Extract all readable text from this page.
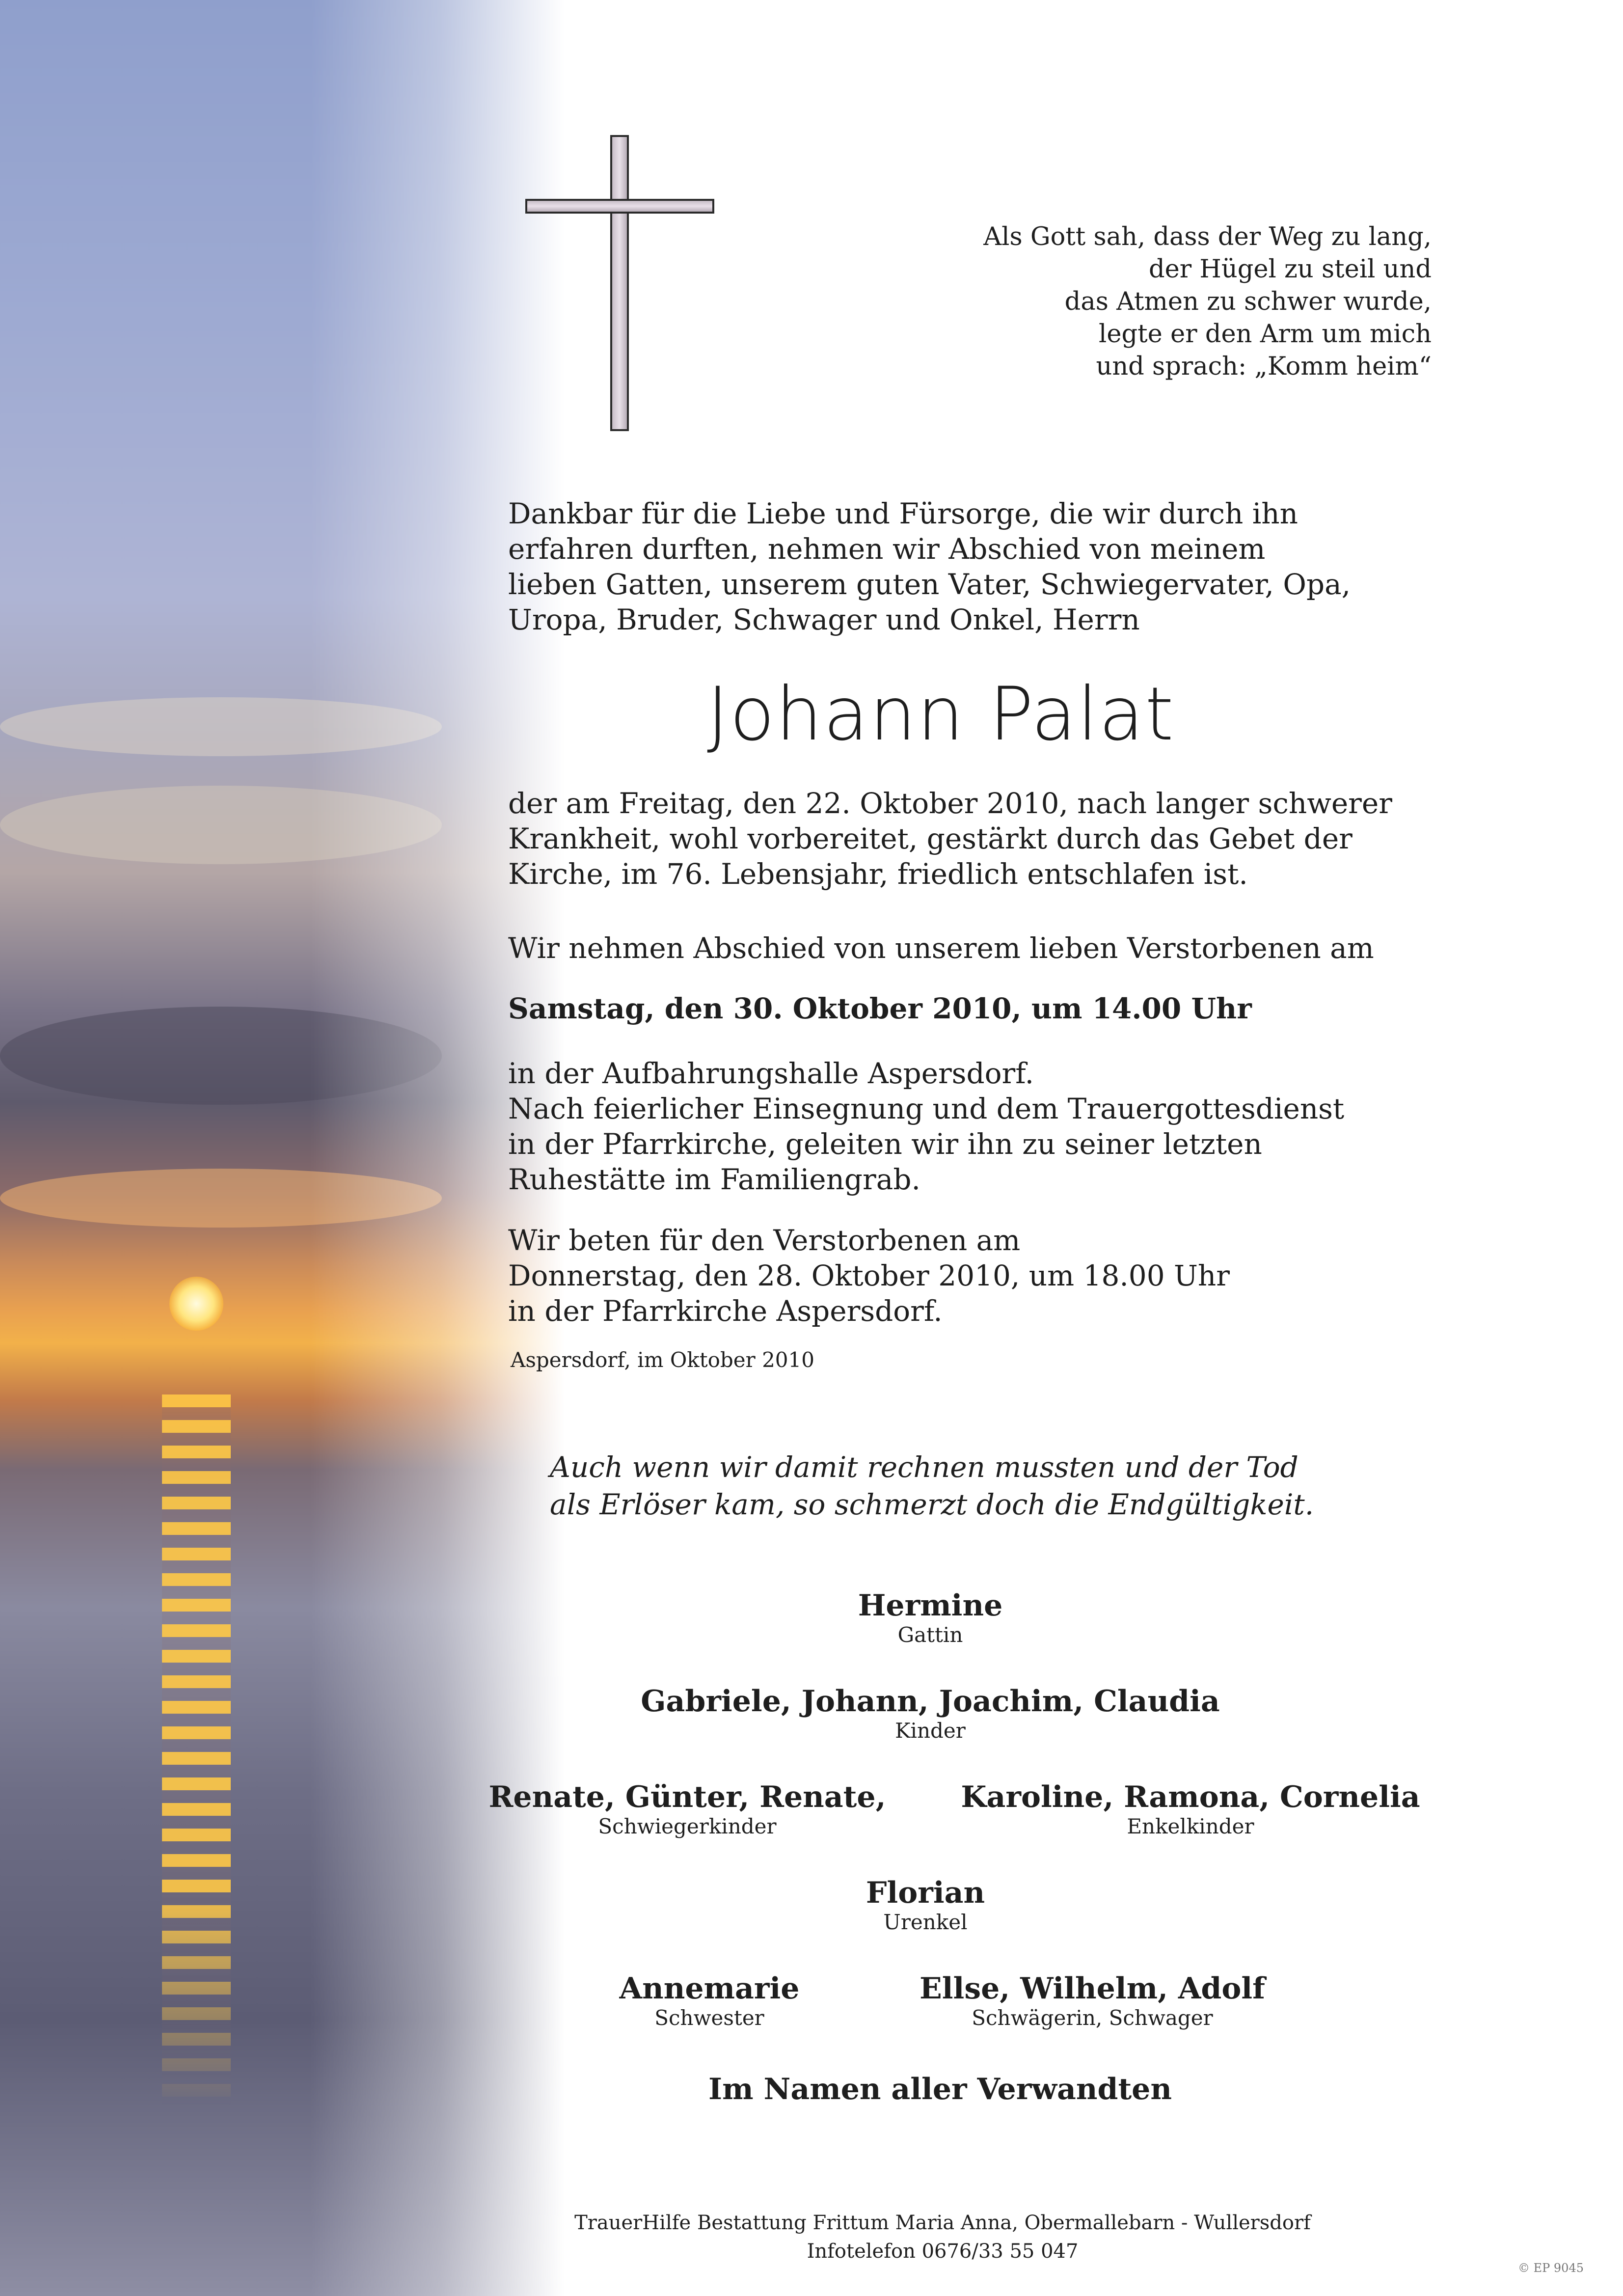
Als Gott sah, dass der Weg zu lang,
der Hügel zu steil und
das Atmen zu schwer wurde,
legte er den Arm um mich
und sprach: „Komm heim“
Dankbar für die Liebe und Fürsorge, die wir durch ihn
erfahren durften, nehmen wir Abschied von meinem
lieben Gatten, unserem guten Vater, Schwiegervater, Opa,
Uropa, Bruder, Schwager und Onkel, Herrn
Johann Palat
der am Freitag, den 22. Oktober 2010, nach langer schwerer
Krankheit, wohl vorbereitet, gestärkt durch das Gebet der
Kirche, im 76. Lebensjahr, friedlich entschlafen ist.
Wir nehmen Abschied von unserem lieben Verstorbenen am
Samstag, den 30. Oktober 2010, um 14.00 Uhr
in der Aufbahrungshalle Aspersdorf.
Nach feierlicher Einsegnung und dem Trauergottesdienst
in der Pfarrkirche, geleiten wir ihn zu seiner letzten
Ruhestätte im Familiengrab.
Wir beten für den Verstorbenen am
Donnerstag, den 28. Oktober 2010, um 18.00 Uhr
in der Pfarrkirche Aspersdorf.
Aspersdorf, im Oktober 2010
Auch wenn wir damit rechnen mussten und der Tod
als Erlöser kam, so schmerzt doch die Endgültigkeit.
Hermine
Gattin
Gabriele, Johann, Joachim, Claudia
Kinder
Renate, Günter, Renate,
Schwiegerkinder
Karoline, Ramona, Cornelia
Enkelkinder
Florian
Urenkel
Annemarie
Schwester
Ellse, Wilhelm, Adolf
Schwägerin, Schwager
Im Namen aller Verwandten
TrauerHilfe Bestattung Frittum Maria Anna, Obermallebarn - Wullersdorf
Infotelefon 0676/33 55 047
© EP 9045
